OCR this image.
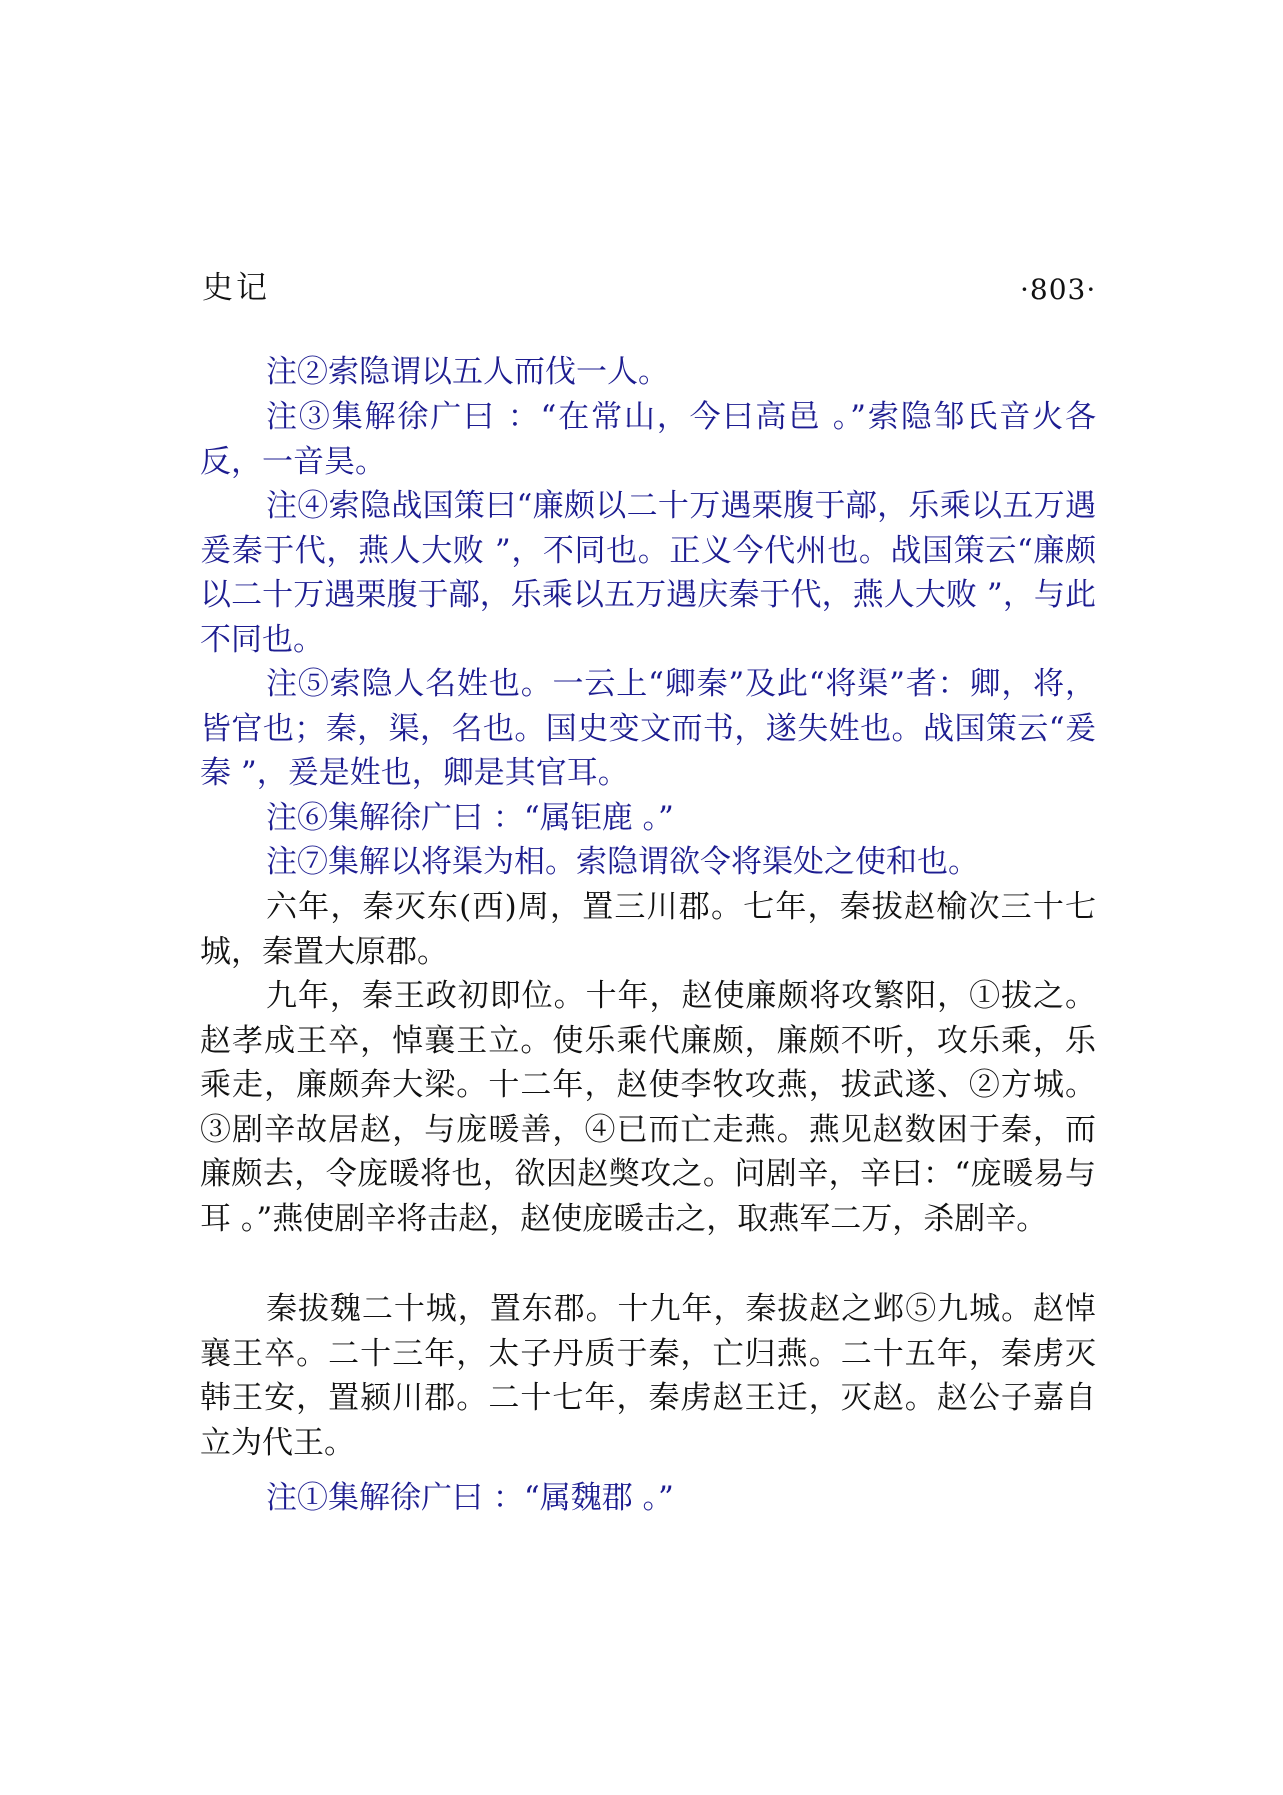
史记	·803·

注②索隐谓以五人而伐一人。

注③集解徐广曰 ：“在常山，今曰高邑 。”索隐邹氏音火各反，一音昊。

注④索隐战国策曰“廉颇以二十万遇栗腹于鄗，乐乘以五万遇爰秦于代，燕人大败 ”，不同也。正义今代州也。战国策云“廉颇以二十万遇栗腹于鄗，乐乘以五万遇庆秦于代，燕人大败 ”，与此不同也。

注⑤索隐人名姓也。一云上“卿秦”及此“将渠”者：卿，将，皆官也；秦，渠，名也。国史变文而书，遂失姓也。战国策云“爰秦 ”，爰是姓也，卿是其官耳。

注⑥集解徐广曰 ：“属钜鹿 。”

注⑦集解以将渠为相。索隐谓欲令将渠处之使和也。

六年，秦灭东(西)周，置三川郡。七年，秦拔赵榆次三十七城，秦置大原郡。

九年，秦王政初即位。十年，赵使廉颇将攻繁阳，①拔之。赵孝成王卒，悼襄王立。使乐乘代廉颇，廉颇不听，攻乐乘，乐乘走，廉颇奔大梁。十二年，赵使李牧攻燕，拔武遂、②方城。③剧辛故居赵，与庞暖善，④已而亡走燕。燕见赵数困于秦，而廉颇去，令庞暖将也，欲因赵獘攻之。问剧辛，辛曰：“庞暖易与耳 。”燕使剧辛将击赵，赵使庞暖击之，取燕军二万，杀剧辛。

秦拔魏二十城，置东郡。十九年，秦拔赵之邺⑤九城。赵悼襄王卒。二十三年，太子丹质于秦，亡归燕。二十五年，秦虏灭韩王安，置颍川郡。二十七年，秦虏赵王迁，灭赵。赵公子嘉自立为代王。

注①集解徐广曰 ：“属魏郡 。”
